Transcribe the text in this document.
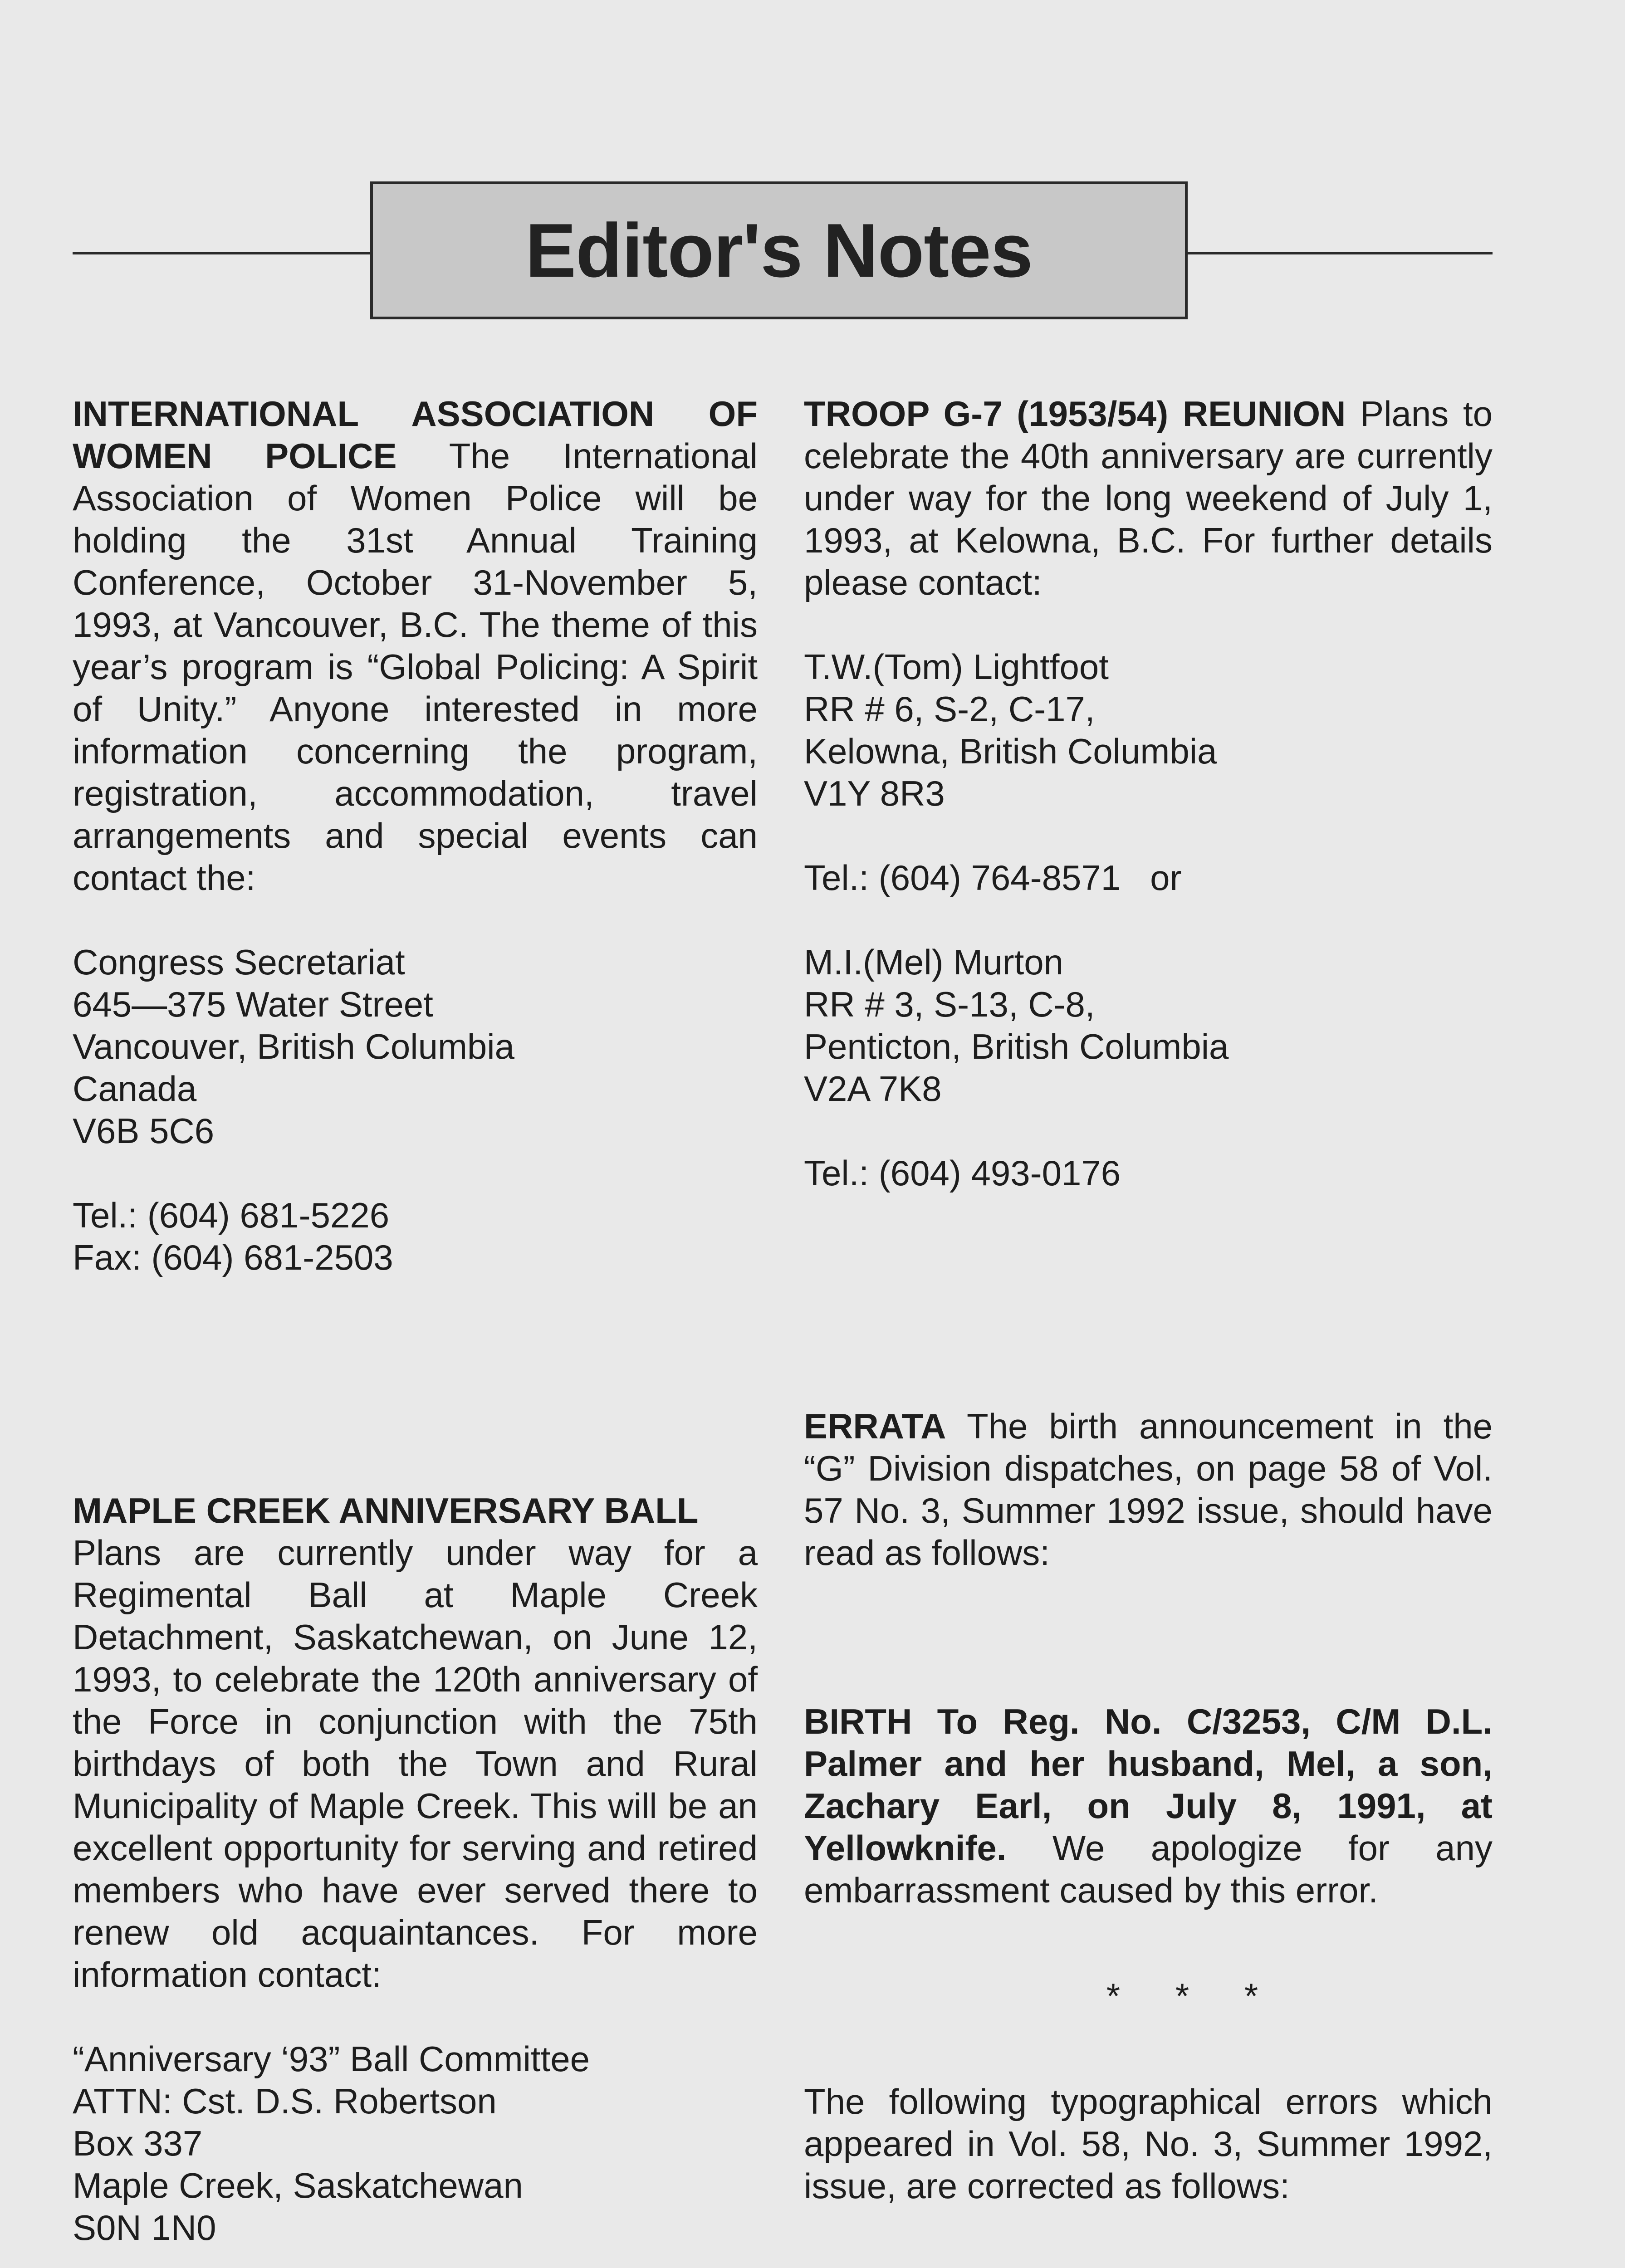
Editor's Notes

INTERNATIONAL ASSOCIATION OF WOMEN POLICE The International Association of Women Police will be holding the 31st Annual Training Conference, October 31-November 5, 1993, at Vancouver, B.C. The theme of this year’s program is “Global Policing: A Spirit of Unity.” Anyone interested in more information concerning the program, registration, accommodation, travel arrangements and special events can contact the:

Congress Secretariat
645—375 Water Street
Vancouver, British Columbia
Canada
V6B 5C6
Tel.: (604) 681-5226
Fax: (604) 681-2503

MAPLE CREEK ANNIVERSARY BALL
Plans are currently under way for a Regimental Ball at Maple Creek Detachment, Saskatchewan, on June 12, 1993, to celebrate the 120th anniversary of the Force in conjunction with the 75th birthdays of both the Town and Rural Municipality of Maple Creek. This will be an excellent opportunity for serving and retired members who have ever served there to renew old acquaintances. For more information contact:

“Anniversary ‘93” Ball Committee
ATTN: Cst. D.S. Robertson
Box 337
Maple Creek, Saskatchewan
S0N 1N0

TROOP G-7 (1953/54) REUNION Plans to celebrate the 40th anniversary are currently under way for the long weekend of July 1, 1993, at Kelowna, B.C. For further details please contact:

T.W.(Tom) Lightfoot
RR # 6, S-2, C-17,
Kelowna, British Columbia
V1Y 8R3
Tel.: (604) 764-8571   or
M.I.(Mel) Murton
RR # 3, S-13, C-8,
Penticton, British Columbia
V2A 7K8
Tel.: (604) 493-0176

ERRATA The birth announcement in the “G” Division dispatches, on page 58 of Vol. 57 No. 3, Summer 1992 issue, should have read as follows:

BIRTH To Reg. No. C/3253, C/M D.L. Palmer and her husband, Mel, a son, Zachary Earl, on July 8, 1991, at Yellowknife. We apologize for any embarrassment caused by this error.

* * *

The following typographical errors which appeared in Vol. 58, No. 3, Summer 1992, issue, are corrected as follows:
